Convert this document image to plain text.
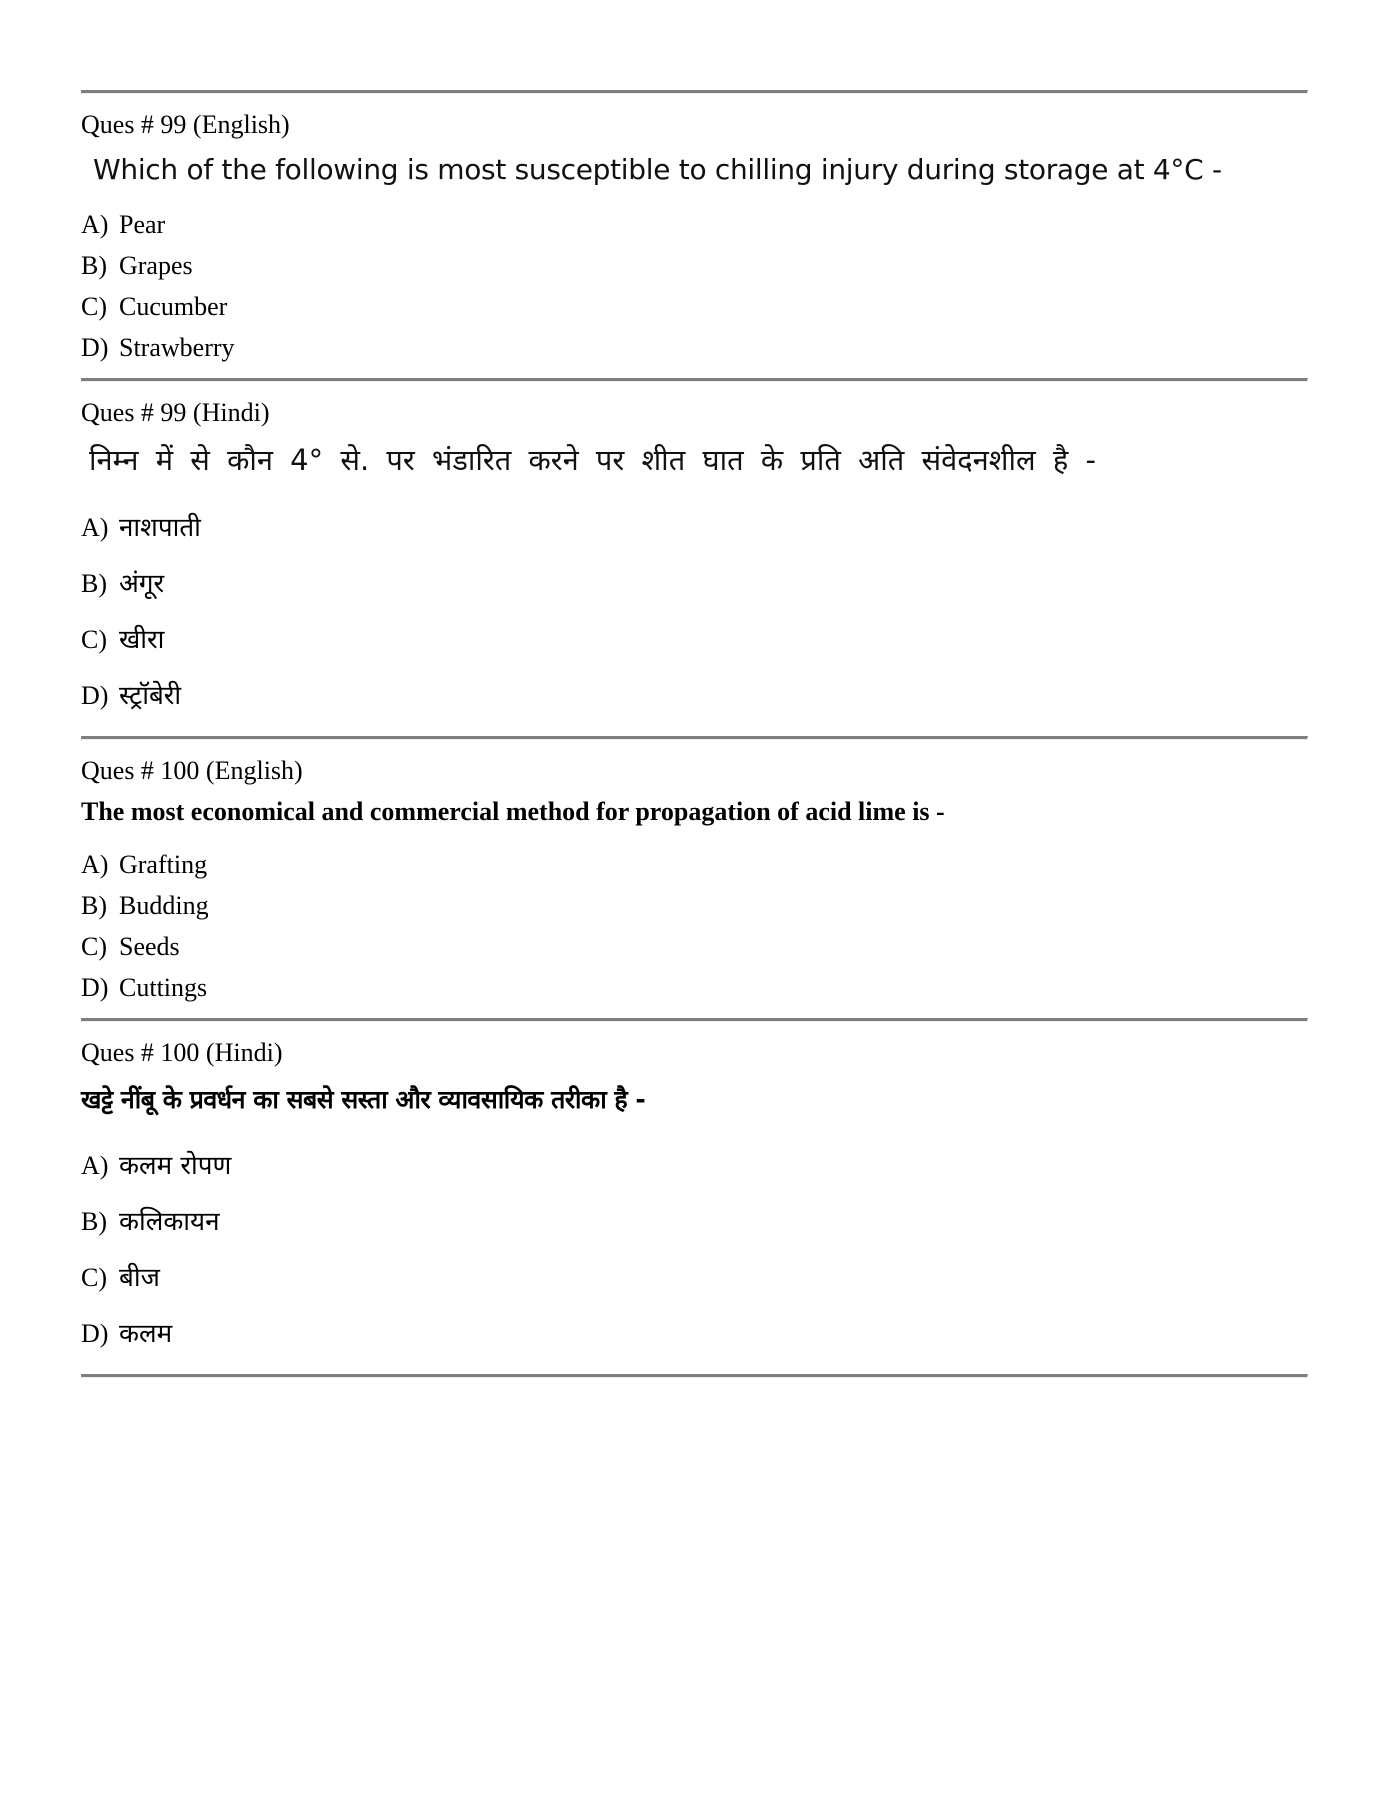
Ques # 99 (English)

Which of the following is most susceptible to chilling injury during storage at 4°C -

A) Pear
B) Grapes
C) Cucumber
D) Strawberry

Ques # 99 (Hindi)

निम्न में से कौन 4° से. पर भंडारित करने पर शीत घात के प्रति अति संवेदनशील है -

A) नाशपाती
B) अंगूर
C) खीरा
D) स्ट्रॉबेरी

Ques # 100 (English)

The most economical and commercial method for propagation of acid lime is -

A) Grafting
B) Budding
C) Seeds
D) Cuttings

Ques # 100 (Hindi)

खट्टे नींबू के प्रवर्धन का सबसे सस्ता और व्यावसायिक तरीका है -

A) कलम रोपण
B) कलिकायन
C) बीज
D) कलम
